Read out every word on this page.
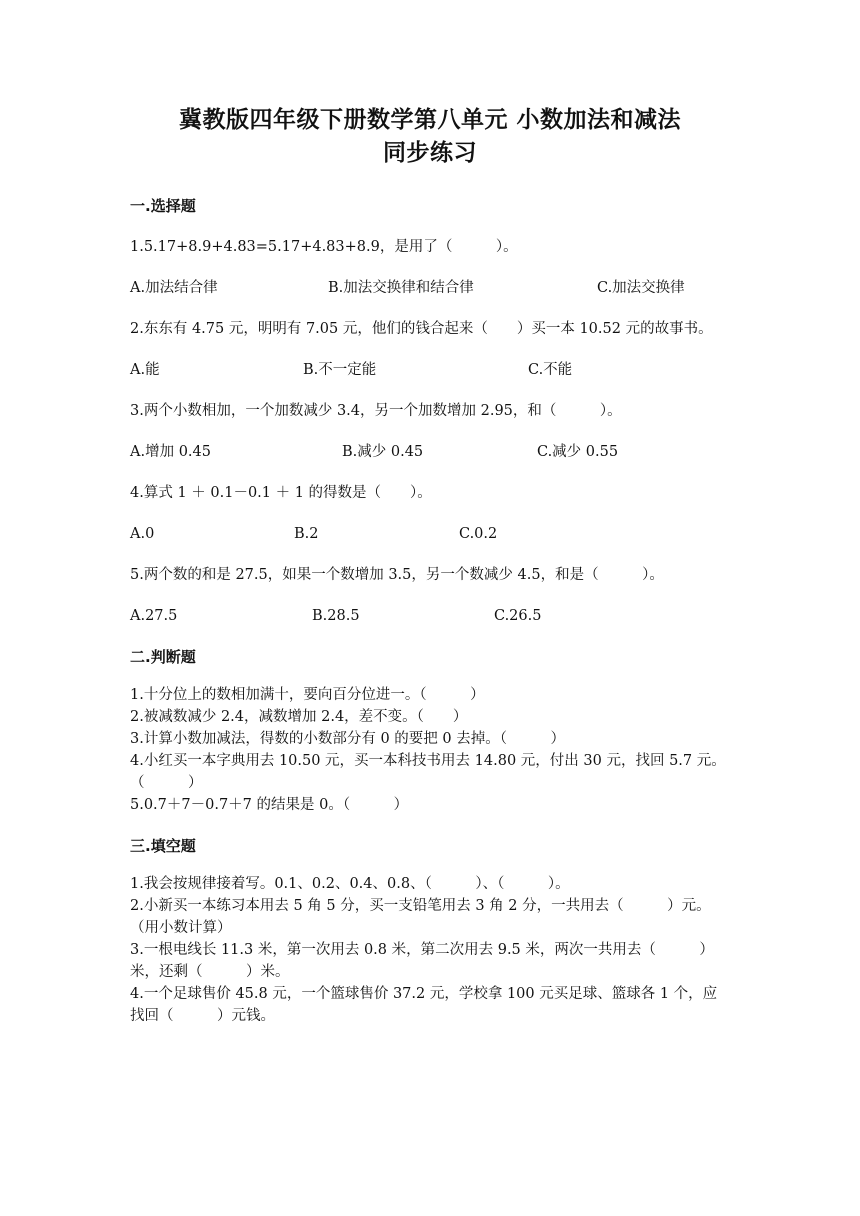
冀教版四年级下册数学第八单元 小数加法和减法
同步练习
一.选择题

1.5.17+8.9+4.83=5.17+4.83+8.9，是用了（　　　）。

A.加法结合律	B.加法交换律和结合律	C.加法交换律

2.东东有 4.75 元，明明有 7.05 元，他们的钱合起来（　　）买一本 10.52 元的故事书。

A.能	B.不一定能	C.不能

3.两个小数相加，一个加数减少 3.4，另一个加数增加 2.95，和（　　　）。

A.增加 0.45	B.减少 0.45	C.减少 0.55

4.算式 1 ＋ 0.1－0.1 ＋ 1 的得数是（　　）。

A.0	B.2	C.0.2

5.两个数的和是 27.5，如果一个数增加 3.5，另一个数减少 4.5，和是（　　　）。

A.27.5	B.28.5	C.26.5
二.判断题

1.十分位上的数相加满十，要向百分位进一。（　　　）

2.被减数减少 2.4，减数增加 2.4，差不变。（　　）

3.计算小数加减法，得数的小数部分有 0 的要把 0 去掉。（　　　）

4.小红买一本字典用去 10.50 元，买一本科技书用去 14.80 元，付出 30 元，找回 5.7 元。（　　　）

5.0.7＋7－0.7＋7 的结果是 0。（　　　）

三.填空题

1.我会按规律接着写。0.1、0.2、0.4、0.8、（　　　）、（　　　）。

2.小新买一本练习本用去 5 角 5 分，买一支铅笔用去 3 角 2 分，一共用去（　　　）元。（用小数计算）

3.一根电线长 11.3 米，第一次用去 0.8 米，第二次用去 9.5 米，两次一共用去（　　　）米，还剩（　　　）米。

4.一个足球售价 45.8 元，一个篮球售价 37.2 元，学校拿 100 元买足球、篮球各 1 个，应找回（　　　）元钱。
